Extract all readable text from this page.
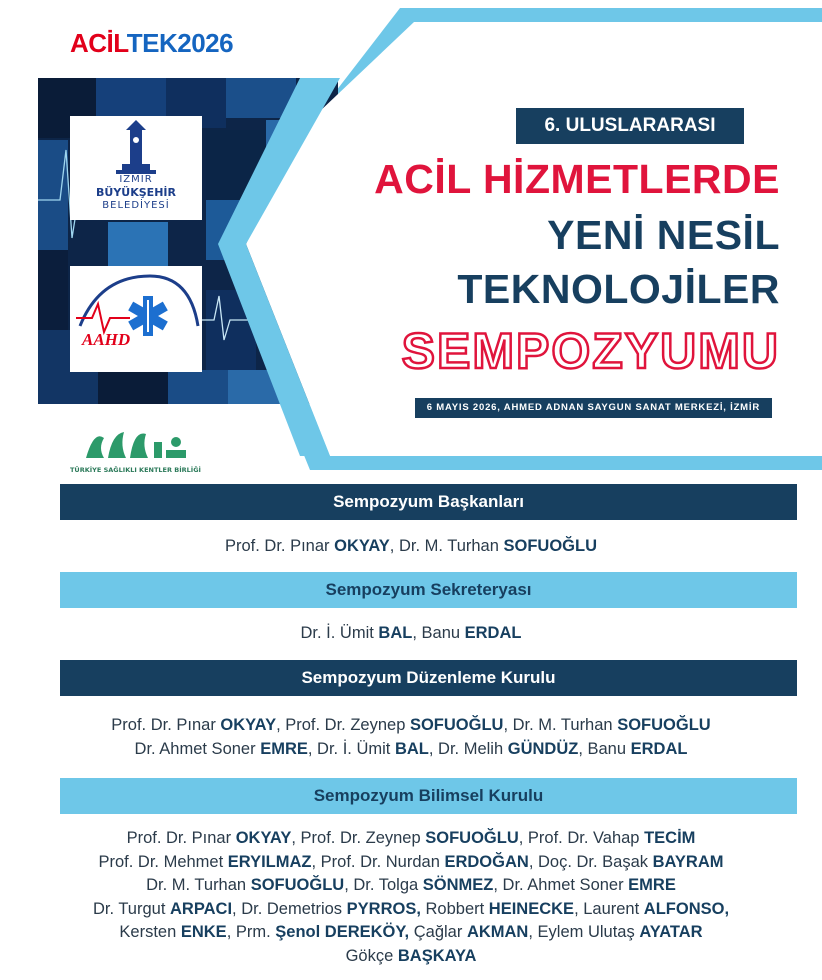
ACİLTEK2026
İZMİR
BÜYÜKŞEHİR
BELEDİYESİ
AAHD
TÜRKİYE SAĞLIKLI KENTLER BİRLİĞİ
6. ULUSLARARASI
ACİL HİZMETLERDE
YENİ NESİL
TEKNOLOJİLER
SEMPOZYUMU
6 MAYIS 2026, AHMED ADNAN SAYGUN SANAT MERKEZİ, İZMİR
Sempozyum Başkanları
Prof. Dr. Pınar OKYAY, Dr. M. Turhan SOFUOĞLU
Sempozyum Sekreteryası
Dr. İ. Ümit BAL, Banu ERDAL
Sempozyum Düzenleme Kurulu
Prof. Dr. Pınar OKYAY, Prof. Dr. Zeynep SOFUOĞLU, Dr. M. Turhan SOFUOĞLU
Dr. Ahmet Soner EMRE, Dr. İ. Ümit BAL, Dr. Melih GÜNDÜZ, Banu ERDAL
Sempozyum Bilimsel Kurulu
Prof. Dr. Pınar OKYAY, Prof. Dr. Zeynep SOFUOĞLU, Prof. Dr. Vahap TECİM
Prof. Dr. Mehmet ERYILMAZ, Prof. Dr. Nurdan ERDOĞAN, Doç. Dr. Başak BAYRAM
Dr. M. Turhan SOFUOĞLU, Dr. Tolga SÖNMEZ, Dr. Ahmet Soner EMRE
Dr. Turgut ARPACI, Dr. Demetrios PYRROS, Robbert HEINECKE, Laurent ALFONSO,
Kersten ENKE, Prm. Şenol DEREKÖY, Çağlar AKMAN, Eylem Ulutaş AYATAR
Gökçe BAŞKAYA
